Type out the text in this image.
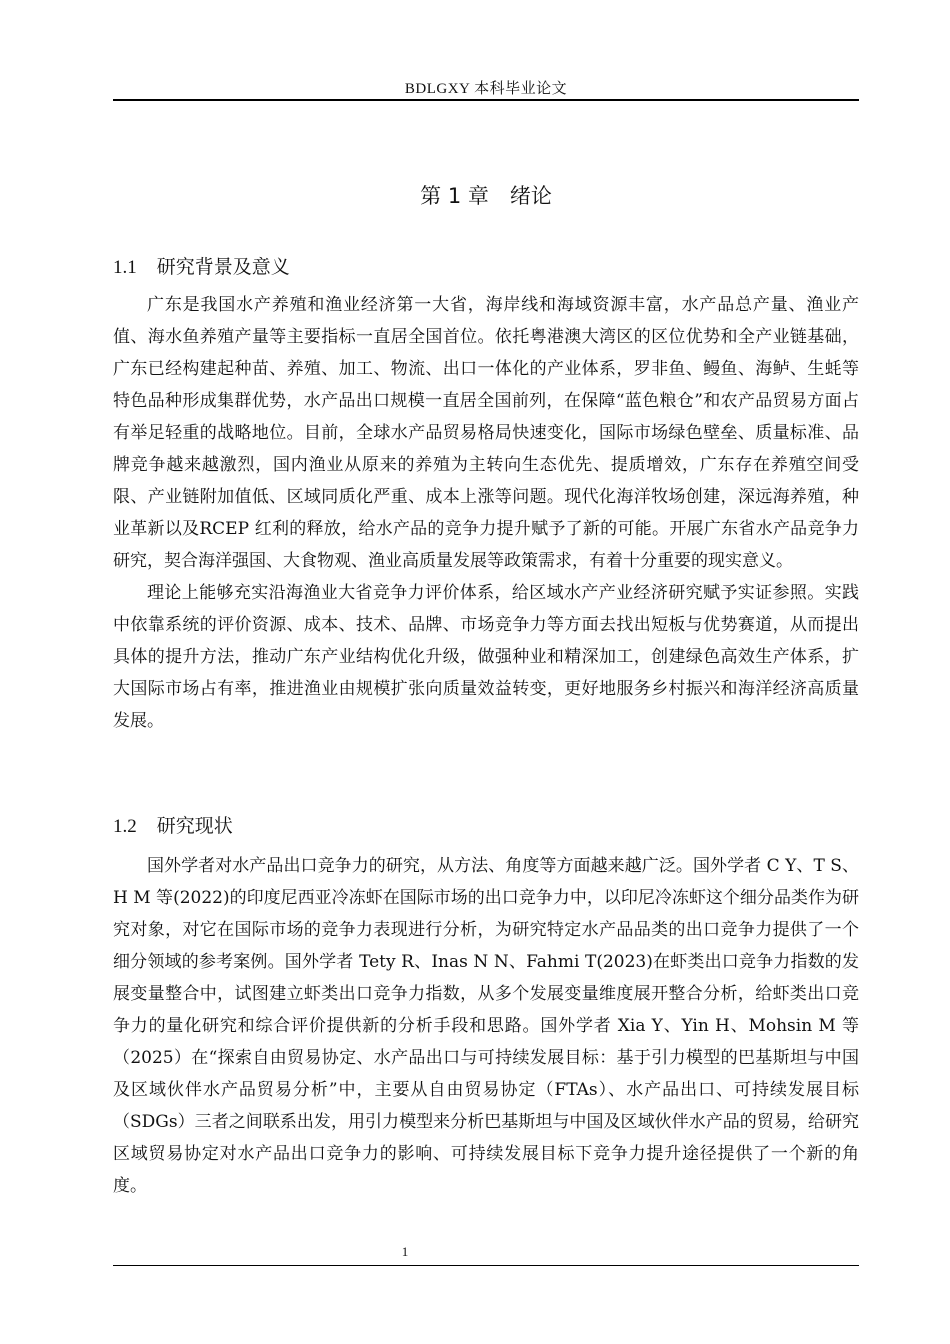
BDLGXY 本科毕业论文
第 1 章　绪论
1.1 研究背景及意义

广东是我国水产养殖和渔业经济第一大省，海岸线和海域资源丰富，水产品总产量、渔业产值、海水鱼养殖产量等主要指标一直居全国首位。依托粤港澳大湾区的区位优势和全产业链基础，广东已经构建起种苗、养殖、加工、物流、出口一体化的产业体系，罗非鱼、鳗鱼、海鲈、生蚝等特色品种形成集群优势，水产品出口规模一直居全国前列，在保障“蓝色粮仓”和农产品贸易方面占有举足轻重的战略地位。目前，全球水产品贸易格局快速变化，国际市场绿色壁垒、质量标准、品牌竞争越来越激烈，国内渔业从原来的养殖为主转向生态优先、提质增效，广东存在养殖空间受限、产业链附加值低、区域同质化严重、成本上涨等问题。现代化海洋牧场创建，深远海养殖，种业革新以及RCEP 红利的释放，给水产品的竞争力提升赋予了新的可能。开展广东省水产品竞争力研究，契合海洋强国、大食物观、渔业高质量发展等政策需求，有着十分重要的现实意义。

理论上能够充实沿海渔业大省竞争力评价体系，给区域水产产业经济研究赋予实证参照。实践中依靠系统的评价资源、成本、技术、品牌、市场竞争力等方面去找出短板与优势赛道，从而提出具体的提升方法，推动广东产业结构优化升级，做强种业和精深加工，创建绿色高效生产体系，扩大国际市场占有率，推进渔业由规模扩张向质量效益转变，更好地服务乡村振兴和海洋经济高质量发展。

1.2 研究现状

国外学者对水产品出口竞争力的研究，从方法、角度等方面越来越广泛。国外学者 C Y、T S、H M 等(2022)的印度尼西亚冷冻虾在国际市场的出口竞争力中，以印尼冷冻虾这个细分品类作为研究对象，对它在国际市场的竞争力表现进行分析，为研究特定水产品品类的出口竞争力提供了一个细分领域的参考案例。国外学者 Tety R、Inas N N、Fahmi T(2023)在虾类出口竞争力指数的发展变量整合中，试图建立虾类出口竞争力指数，从多个发展变量维度展开整合分析，给虾类出口竞争力的量化研究和综合评价提供新的分析手段和思路。国外学者 Xia Y、Yin H、Mohsin M 等（2025）在“探索自由贸易协定、水产品出口与可持续发展目标：基于引力模型的巴基斯坦与中国及区域伙伴水产品贸易分析”中，主要从自由贸易协定（FTAs）、水产品出口、可持续发展目标（SDGs）三者之间联系出发，用引力模型来分析巴基斯坦与中国及区域伙伴水产品的贸易，给研究区域贸易协定对水产品出口竞争力的影响、可持续发展目标下竞争力提升途径提供了一个新的角度。

1
